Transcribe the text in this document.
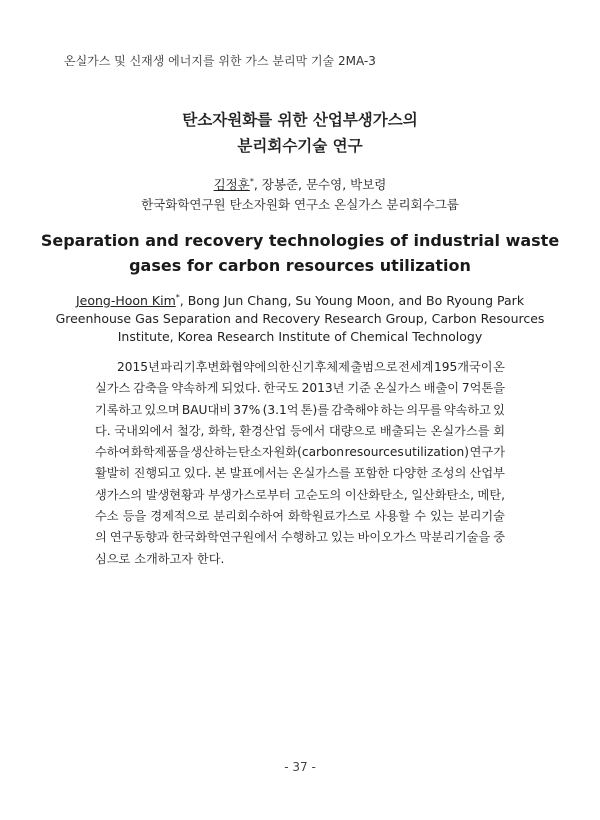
온실가스 및 신재생 에너지를 위한 가스 분리막 기술 2MA-3
탄소자원화를 위한 산업부생가스의
분리회수기술 연구
김정훈*, 장봉준, 문수영, 박보령
한국화학연구원 탄소자원화 연구소 온실가스 분리회수그룹
Separation and recovery technologies of industrial waste
gases for carbon resources utilization
Jeong-Hoon Kim*, Bong Jun Chang, Su Young Moon, and Bo Ryoung Park
Greenhouse Gas Separation and Recovery Research Group, Carbon Resources
Institute, Korea Research Institute of Chemical Technology
2015년 파리기후변화협약에 의한 신기후체제 출범으로 전세계 195개국이 온
실가스 감축을 약속하게 되었다. 한국도 2013년 기준 온실가스 배출이 7억톤을
기록하고 있으며 BAU대비 37% (3.1억 톤)를 감축해야 하는 의무를 약속하고 있
다. 국내외에서 철강, 화학, 환경산업 등에서 대량으로 배출되는 온실가스를 회
수하여 화학제품을 생산하는 탄소자원화(carbon resources utilization) 연구가
활발히 진행되고 있다. 본 발표에서는 온실가스를 포함한 다양한 조성의 산업부
생가스의 발생현황과 부생가스로부터 고순도의 이산화탄소, 일산화탄소, 메탄,
수소 등을 경제적으로 분리회수하여 화학원료가스로 사용할 수 있는 분리기술
의 연구동향과 한국화학연구원에서 수행하고 있는 바이오가스 막분리기술을 중
심으로 소개하고자 한다.
- 37 -
